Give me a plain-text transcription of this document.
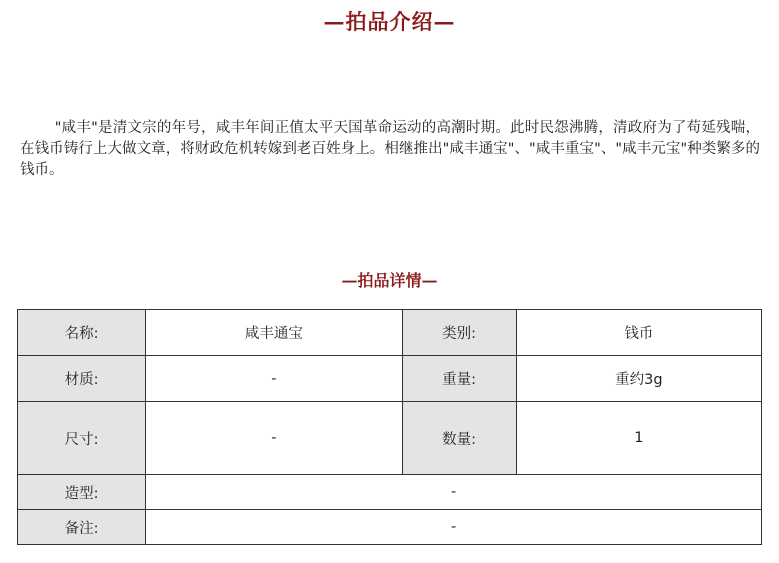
—拍品介绍—
"咸丰"是清文宗的年号，咸丰年间正值太平天国革命运动的高潮时期。此时民怨沸腾，清政府为了苟延残喘，在钱币铸行上大做文章，将财政危机转嫁到老百姓身上。相继推出"咸丰通宝"、"咸丰重宝"、"咸丰元宝"种类繁多的钱币。
—拍品详情—
名称:	咸丰通宝	类别:	钱币
材质:	-	重量:	重约3g
尺寸:	-	数量:	1
造型:	-		
备注:	-		
